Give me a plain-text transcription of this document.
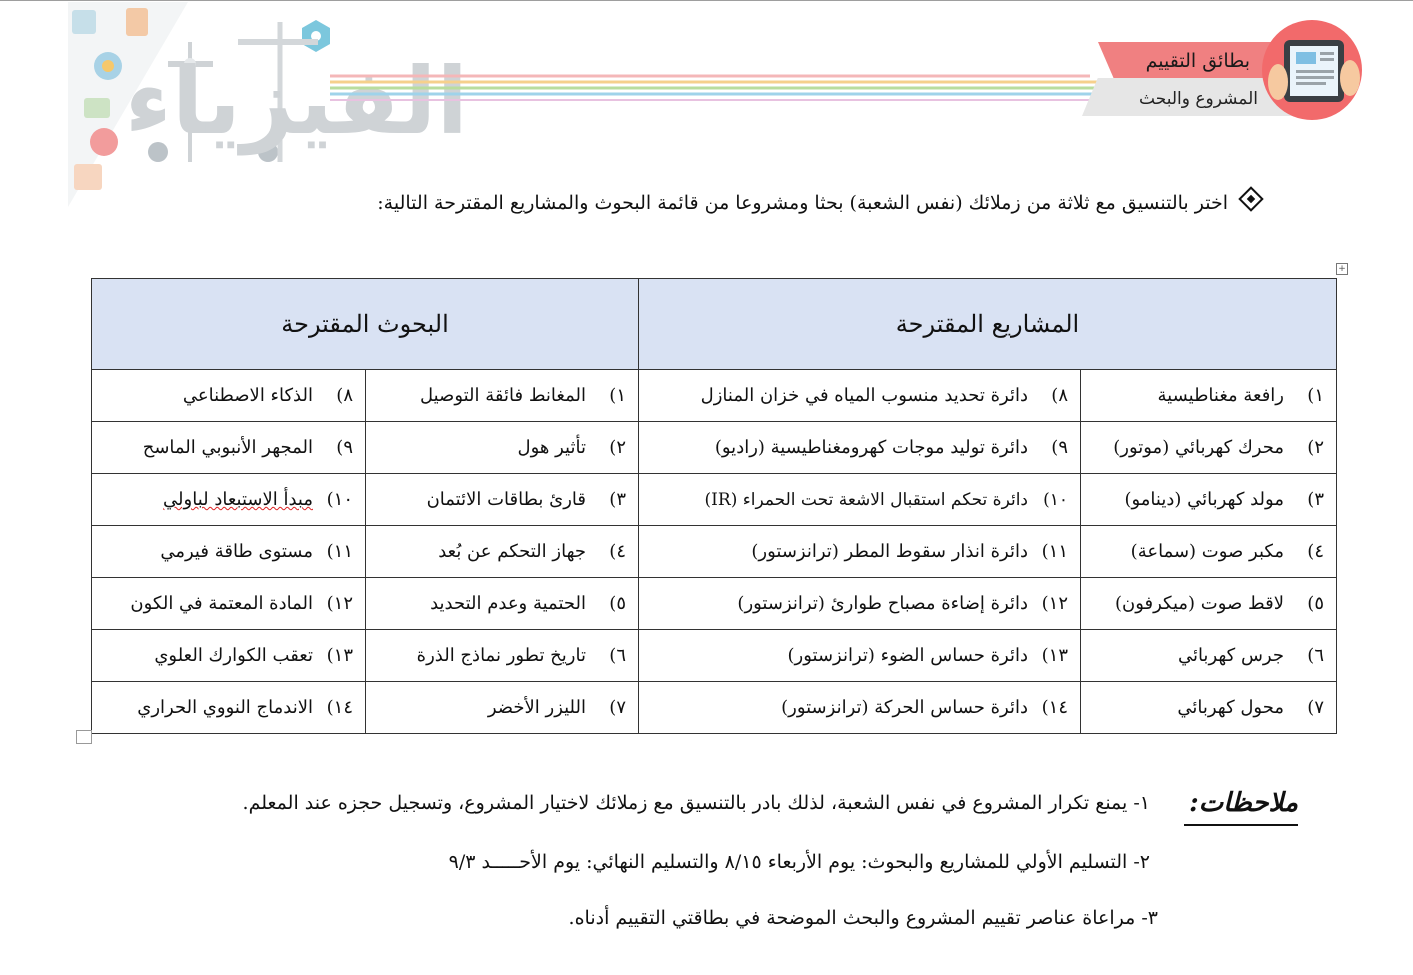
الفيزياء	بطائق التقييم
المشروع والبحث
اختر بالتنسيق مع ثلاثة من زملائك (نفس الشعبة) بحثا ومشروعا من قائمة البحوث والمشاريع المقترحة التالية:
+
المشاريع المقترحة		البحوث المقترحة	
١)رافعة مغناطيسية	٨)دائرة تحديد منسوب المياه في خزان المنازل	١)المغانط فائقة التوصيل	٨)الذكاء الاصطناعي
٢)محرك كهربائي (موتور)	٩)دائرة توليد موجات كهرومغناطيسية (راديو)	٢)تأثير هول	٩)المجهر الأنبوبي الماسح
٣)مولد كهربائي (دينامو)	١٠)دائرة تحكم استقبال الاشعة تحت الحمراء (IR)	٣)قارئ بطاقات الائتمان	١٠)مبدأ الاستبعاد لباولي
٤)مكبر صوت (سماعة)	١١)دائرة انذار سقوط المطر (ترانزستور)	٤)جهاز التحكم عن بُعد	١١)مستوى طاقة فيرمي
٥)لاقط صوت (ميكرفون)	١٢)دائرة إضاءة مصباح طوارئ (ترانزستور)	٥)الحتمية وعدم التحديد	١٢)المادة المعتمة في الكون
٦)جرس كهربائي	١٣)دائرة حساس الضوء (ترانزستور)	٦)تاريخ تطور نماذج الذرة	١٣)تعقب الكوارك العلوي
٧)محول كهربائي	١٤)دائرة حساس الحركة (ترانزستور)	٧)الليزر الأخضر	١٤)الاندماج النووي الحراري
ملاحظات:
١- يمنع تكرار المشروع في نفس الشعبة، لذلك بادر بالتنسيق مع زملائك لاختيار المشروع، وتسجيل حجزه عند المعلم.
٢- التسليم الأولي للمشاريع والبحوث: يوم الأربعاء ٨/١٥ والتسليم النهائي: يوم الأحـــــد ٩/٣
٣- مراعاة عناصر تقييم المشروع والبحث الموضحة في بطاقتي التقييم أدناه.
